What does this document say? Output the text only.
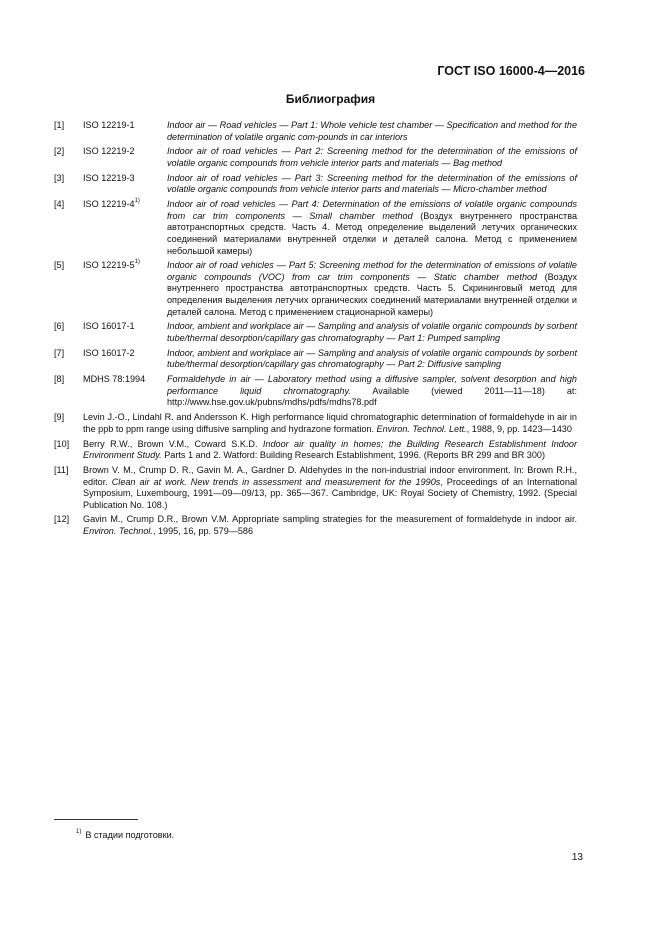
ГОСТ ISO 16000-4—2016
Библиография
[1] ISO 12219-1	Indoor air — Road vehicles — Part 1: Whole vehicle test chamber — Specification and method for the determination of volatile organic com-pounds in car interiors
[2] ISO 12219-2	Indoor air of road vehicles — Part 2: Screening method for the determination of the emissions of volatile organic compounds from vehicle interior parts and materials — Bag method
[3] ISO 12219-3	Indoor air of road vehicles — Part 3: Screening method for the determination of the emissions of volatile organic compounds from vehicle interior parts and materials — Micro-chamber method
[4] ISO 12219-4$^{1)}$	Indoor air of road vehicles — Part 4: Determination of the emissions of volatile organic compounds from car trim components — Small chamber method (Воздух внутреннего пространства автотранспортных средств. Часть 4. Метод определение выделений летучих органических соединений материалами внутренней отделки и деталей салона. Метод с применением небольшой камеры)
[5] ISO 12219-5$^{1)}$	Indoor air of road vehicles — Part 5: Screening method for the determination of emissions of volatile organic compounds (VOC) from car trim components — Static chamber method (Воздух внутреннего пространства автотранспортных средств. Часть 5. Скрининговый метод для определения выделения летучих органических соединений материалами внутренней отделки и деталей салона. Метод с применением стационарной камеры)
[6] ISO 16017-1	Indoor, ambient and workplace air — Sampling and analysis of volatile organic compounds by sorbent tube/thermal desorption/capillary gas chromatography — Part 1: Pumped sampling
[7] ISO 16017-2	Indoor, ambient and workplace air — Sampling and analysis of volatile organic compounds by sorbent tube/thermal desorption/capillary gas chromatography — Part 2: Diffusive sampling
[8] MDHS 78:1994 Formaldehyde in air — Laboratory method using a diffusive sampler, solvent desorption and high performance liquid chromatography. Available (viewed 2011—11—18) at: http://www.hse.gov.uk/pubns/mdhs/pdfs/mdhs78.pdf
[9] Levin J.-O., Lindahl R. and Andersson K. High performance liquid chromatographic determination of formaldehyde in air in the ppb to ppm range using diffusive sampling and hydrazone formation. Environ. Technol. Lett., 1988, 9, pp. 1423—1430
[10] Berry R.W., Brown V.M., Coward S.K.D. Indoor air quality in homes; the Building Research Establishment Indoor Environment Study. Parts 1 and 2. Watford: Building Research Establishment, 1996. (Reports BR 299 and BR 300)
[11] Brown V. M., Crump D. R., Gavin M. A., Gardner D. Aldehydes in the non-industrial indoor environment. In: Brown R.H., editor. Clean air at work. New trends in assessment and measurement for the 1990s, Proceedings of an International Symposium, Luxembourg, 1991—09—09/13, pp. 365—367. Cambridge, UK: Royal Society of Chemistry, 1992. (Special Publication No. 108.)
[12] Gavin M., Crump D.R., Brown V.M. Appropriate sampling strategies for the measurement of formaldehyde in indoor air. Environ. Technol., 1995, 16, pp. 579—586
$^{1)}$ В стадии подготовки.
13
